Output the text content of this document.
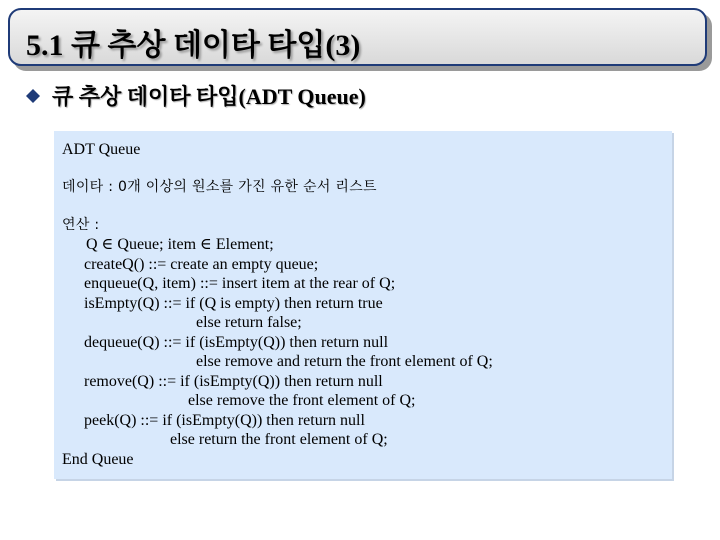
5.1 큐 추상 데이타 타입(3)
큐 추상 데이타 타입(ADT Queue)
ADT Queue
데이타 : 0개 이상의 원소를 가진 유한 순서 리스트
연산 :
Q ∈ Queue; item ∈ Element;
createQ() ::= create an empty queue;
enqueue(Q, item) ::= insert item at the rear of Q;
isEmpty(Q) ::= if (Q is empty) then return true
else return false;
dequeue(Q) ::= if (isEmpty(Q)) then return null
else remove and return the front element of Q;
remove(Q) ::= if (isEmpty(Q)) then return null
else remove the front element of Q;
peek(Q) ::= if (isEmpty(Q)) then return null
else return the front element of Q;
End Queue
